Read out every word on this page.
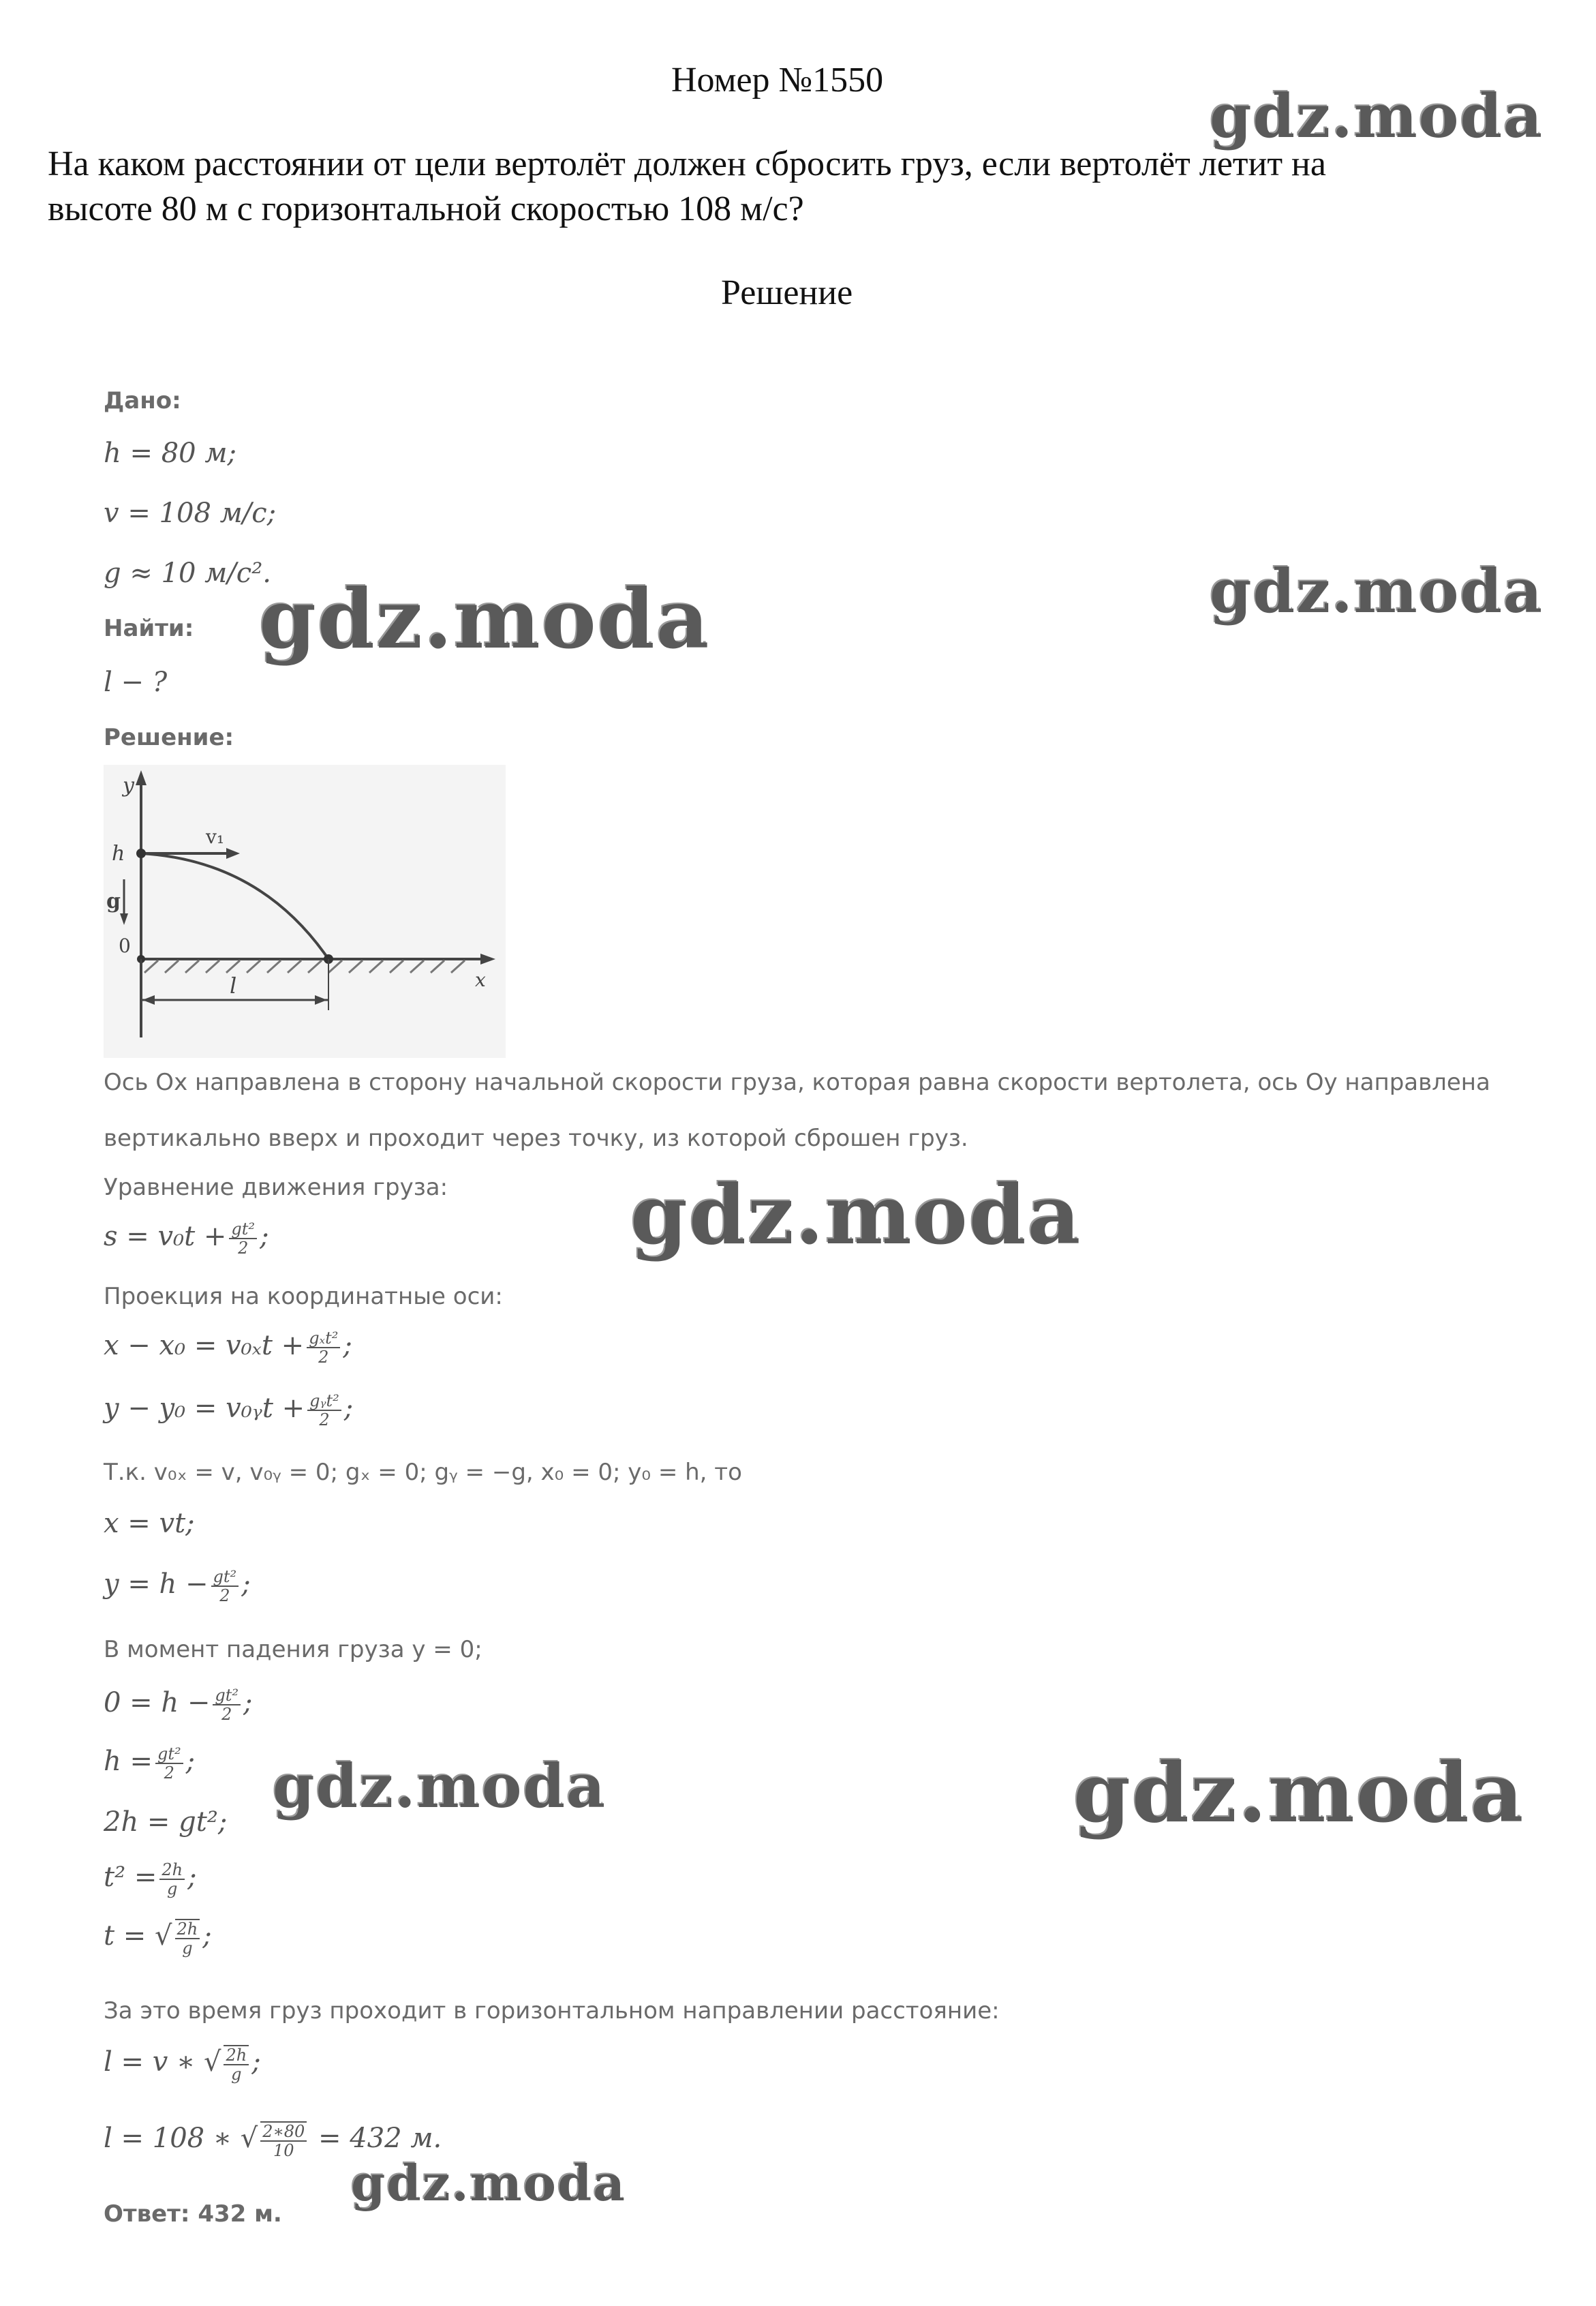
Номер №1550
На каком расстоянии от цели вертолёт должен сбросить груз, если вертолёт летит на
высоте 80 м с горизонтальной скоростью 108 м/с?
Решение
Дано:
h = 80 м;
v = 108 м/с;
g ≈ 10 м/с².
Найти:
l − ?
Решение:
y
h
g
0
v₁
l	x
Ось Ox направлена в сторону начальной скорости груза, которая равна скорости вертолета, ось Oy направлена
вертикально вверх и проходит через точку, из которой сброшен груз.
Уравнение движения груза:
$s = v_0t + \frac{\text{gt²}}{2}$ ;
Проекция на координатные оси:
$x - x_0 = v_{0x}t + \frac{\text{gₓt²}}{2}$ ;
y − y₀ = v₀ᵧt + $\frac{\text{gᵧt²}}{2}$ ;
Т.к. v₀ₓ = v, v₀ᵧ = 0; gₓ = 0; gᵧ = −g, x₀ = 0; y₀ = h, то
x = vt;
$y = h - \frac{\text{gt²}}{2}$ ;
В момент падения груза y = 0;
$0 = h - \frac{\text{gt²}}{2}$ ;
$h = \frac{\text{gt²}}{2}$ ;
2h = gt²;
$t^2 = \frac{2h}{g}$ ;
t = √ $\frac{2h}{g}$ ;
За это время груз проходит в горизонтальном направлении расстояние:
l = v ∗ √ $\frac{2h}{g}$ ;
l = 108 ∗ √ $\frac{2∗80}{10} = 432$ м.
Ответ: 432 м.
gdz.moda
gdz.moda	gdz.moda
gdz.moda
gdz.moda	gdz.moda
gdz.moda
